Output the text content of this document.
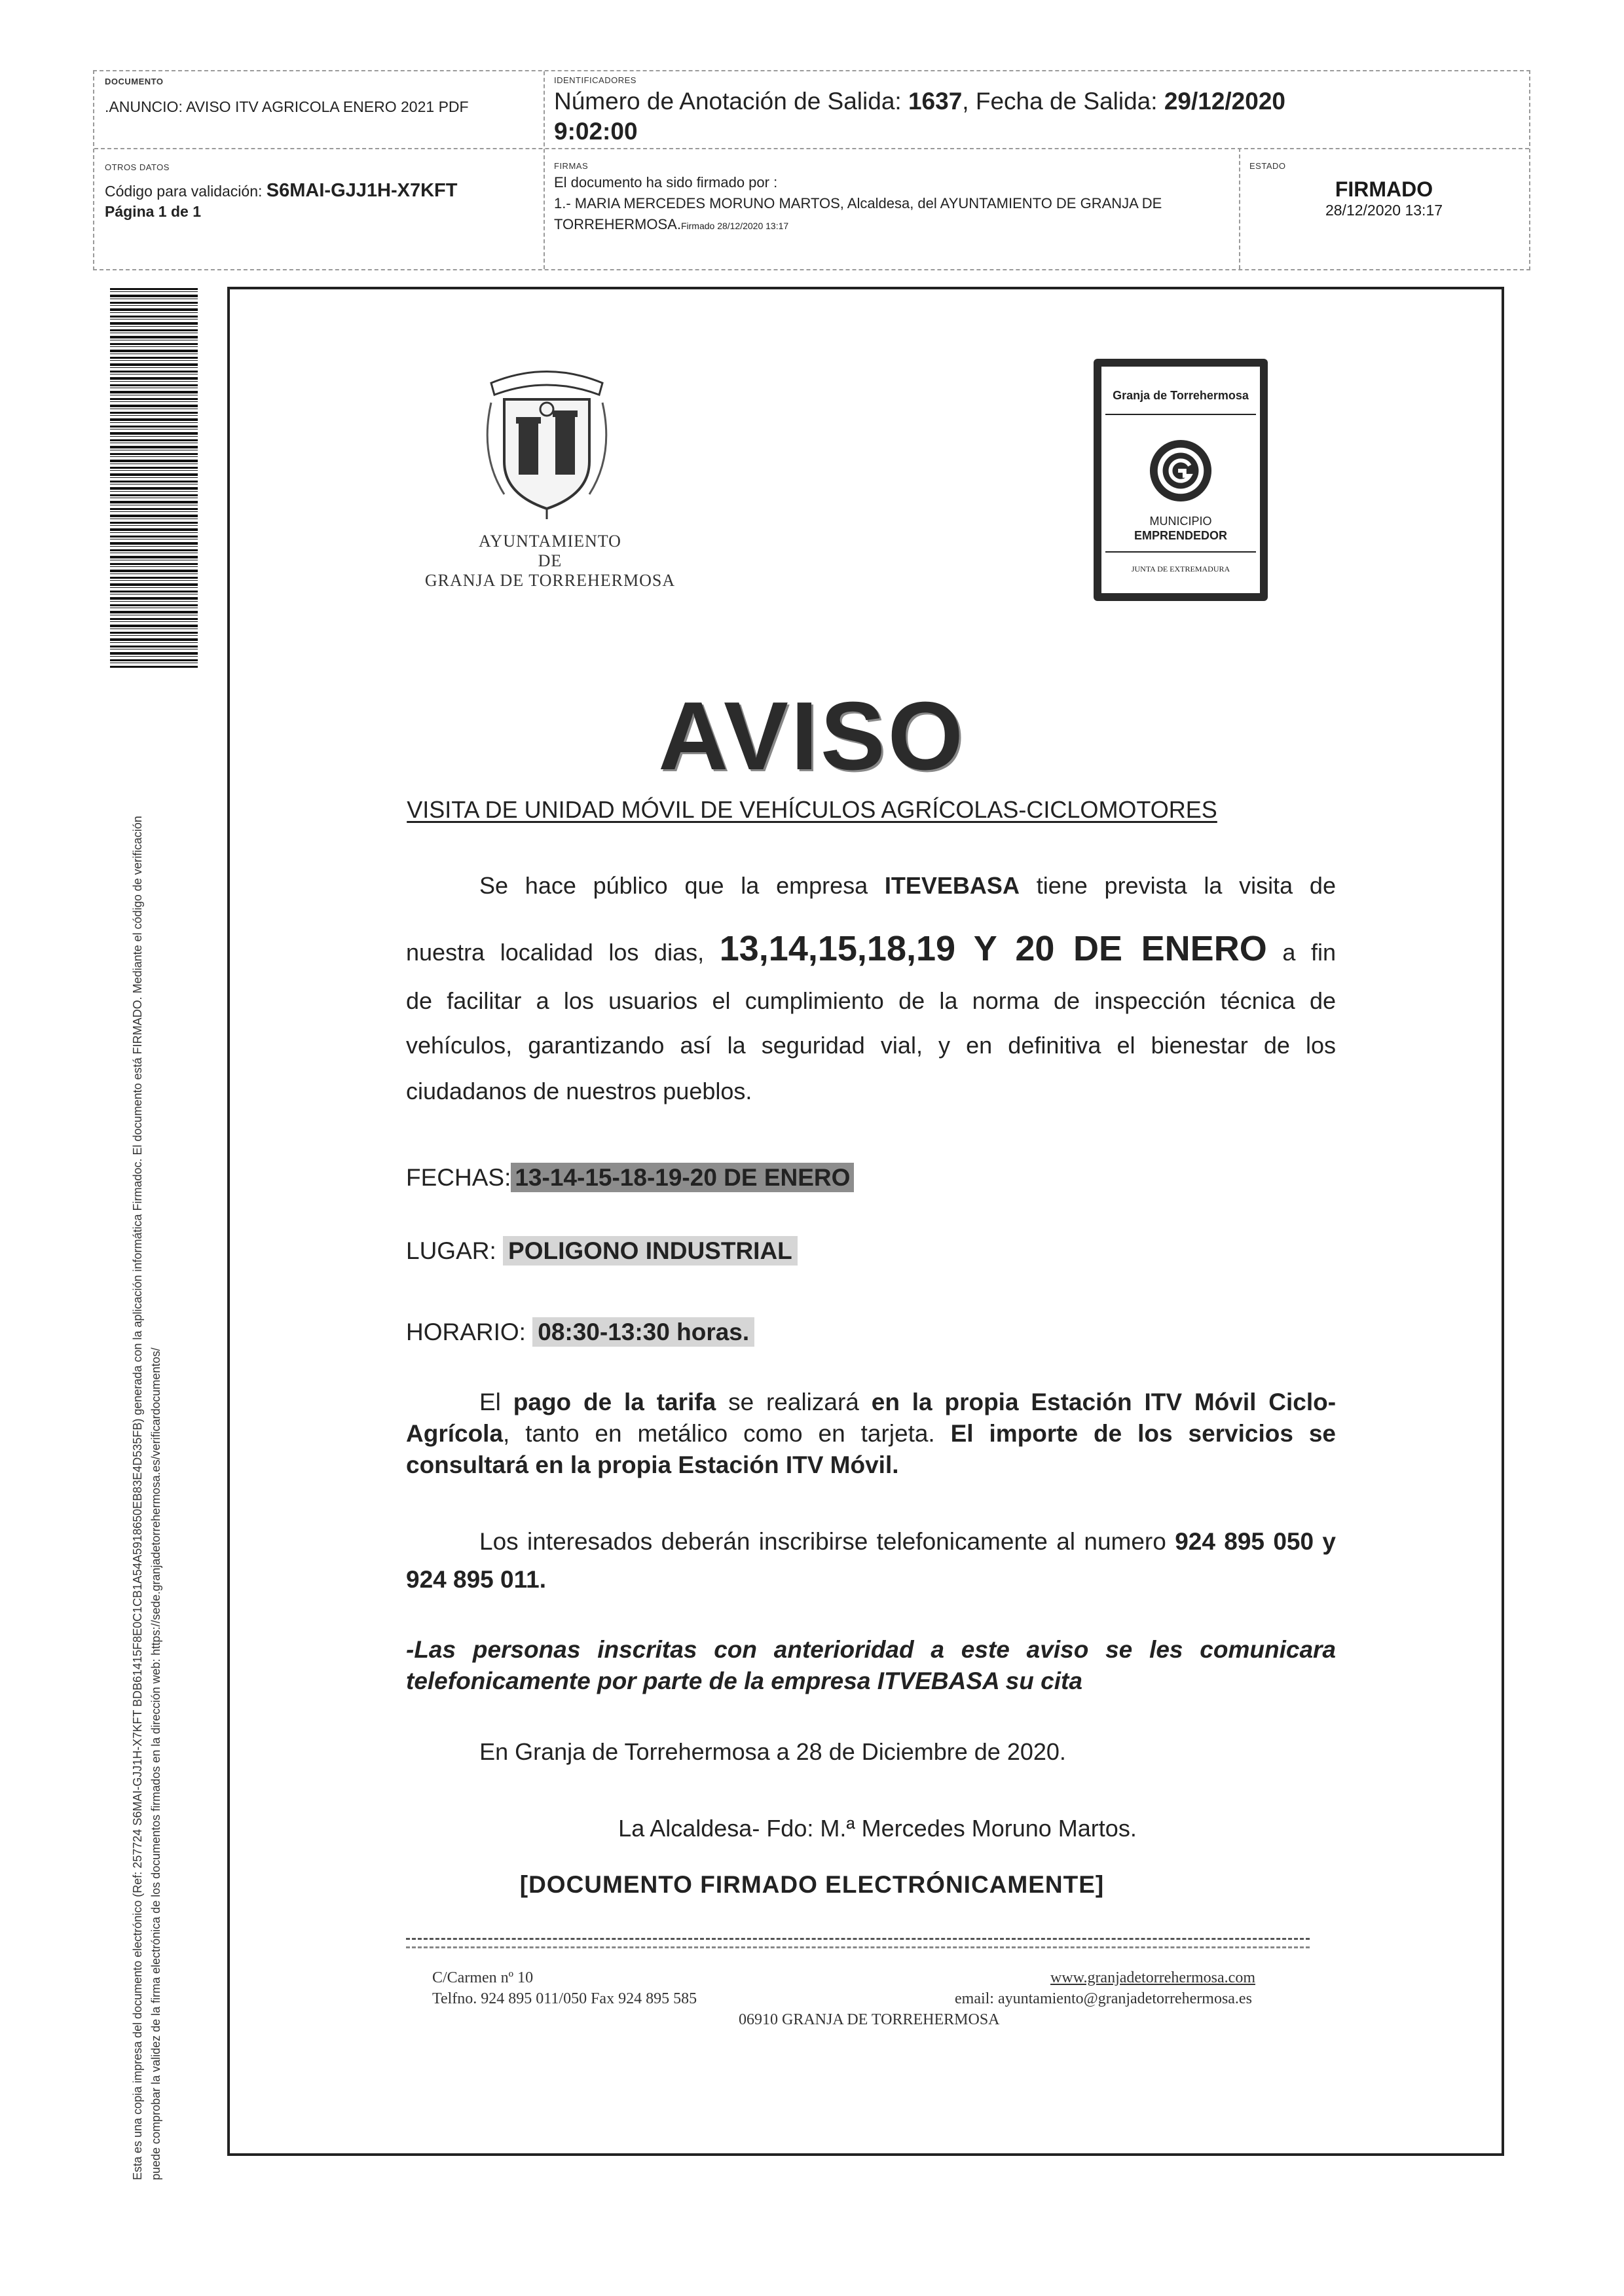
DOCUMENTO
.ANUNCIO: AVISO ITV AGRICOLA ENERO 2021 PDF
IDENTIFICADORES
Número de Anotación de Salida: 1637, Fecha de Salida: 29/12/2020
9:02:00
OTROS DATOS
Código para validación: S6MAI-GJJ1H-X7KFT
Página 1 de 1
FIRMAS
El documento ha sido firmado por :
1.- MARIA MERCEDES MORUNO MARTOS, Alcaldesa, del AYUNTAMIENTO DE GRANJA DE
TORREHERMOSA.Firmado 28/12/2020 13:17
ESTADO
FIRMADO
28/12/2020 13:17
Esta es una copia impresa del documento electrónico (Ref: 257724 S6MAI-GJJ1H-X7KFT BDB61415F8E0C1CB1A54A5918650EB83E4D535FB) generada con la aplicación informática Firmadoc. El documento está FIRMADO. Mediante el código de verificación puede comprobar la validez de la firma electrónica de los documentos firmados en la dirección web: https://sede.granjadetorrehermosa.es/verificardocumentos/
AYUNTAMIENTO
DE
GRANJA DE TORREHERMOSA
Granja de Torrehermosa
MUNICIPIO
EMPRENDEDOR
JUNTA DE EXTREMADURA
AVISO
VISITA DE UNIDAD MÓVIL DE VEHÍCULOS AGRÍCOLAS-CICLOMOTORES
Se hace público que la empresa ITEVEBASA tiene prevista la visita de
nuestra localidad los dias, 13,14,15,18,19 Y 20 DE ENERO a fin
de facilitar a los usuarios el cumplimiento de la norma de inspección técnica de
vehículos, garantizando así la seguridad vial, y en definitiva el bienestar de los
ciudadanos de nuestros pueblos.
FECHAS: 13-14-15-18-19-20 DE ENERO
LUGAR: POLIGONO INDUSTRIAL
HORARIO: 08:30-13:30 horas.
El pago de la tarifa se realizará en la propia Estación ITV Móvil Ciclo-Agrícola, tanto en metálico como en tarjeta. El importe de los servicios se consultará en la propia Estación ITV Móvil.
Los interesados deberán inscribirse telefonicamente al numero 924 895 050 y 924 895 011.
-Las personas inscritas con anterioridad a este aviso se les comunicara telefonicamente por parte de la empresa ITVEBASA su cita
En Granja de Torrehermosa a 28 de Diciembre de 2020.
La Alcaldesa- Fdo: M.ª Mercedes Moruno Martos.
[DOCUMENTO FIRMADO ELECTRÓNICAMENTE]
C/Carmen nº 10
Telfno. 924 895 011/050 Fax 924 895 585
www.granjadetorrehermosa.com
email: ayuntamiento@granjadetorrehermosa.es
06910 GRANJA DE TORREHERMOSA
